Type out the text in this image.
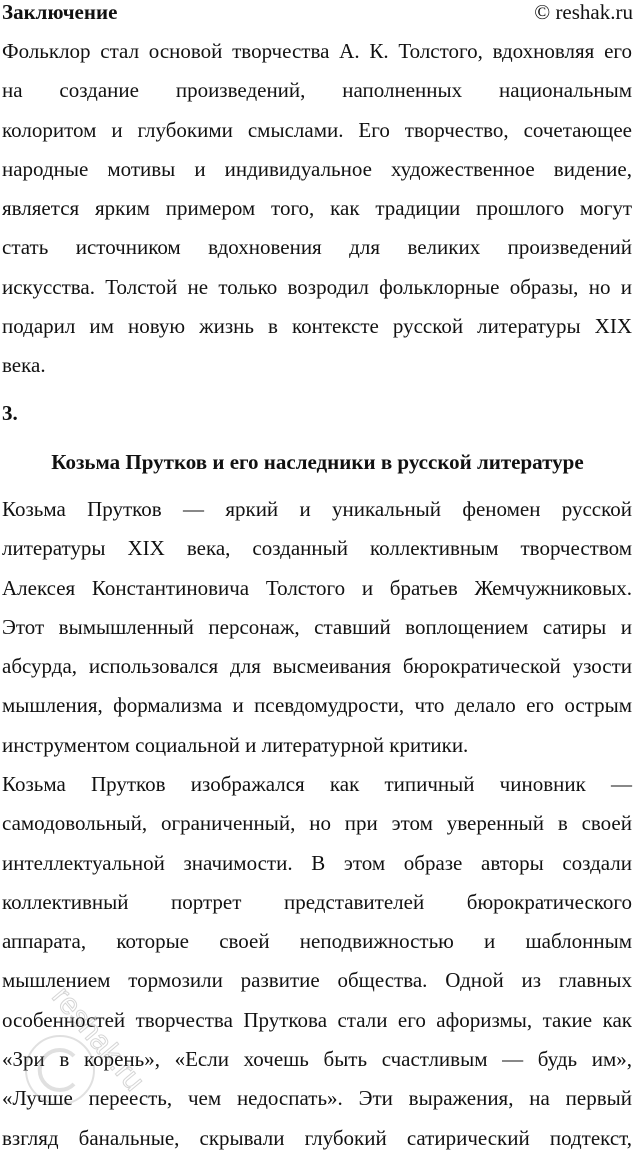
Заключение	© reshak.ru
Фольклор стал основой творчества А. К. Толстого, вдохновляя его
на создание произведений, наполненных национальным
колоритом и глубокими смыслами. Его творчество, сочетающее
народные мотивы и индивидуальное художественное видение,
является ярким примером того, как традиции прошлого могут
стать источником вдохновения для великих произведений
искусства. Толстой не только возродил фольклорные образы, но и
подарил им новую жизнь в контексте русской литературы XIX
века.
3.
Козьма Прутков и его наследники в русской литературе
Козьма Прутков — яркий и уникальный феномен русской
литературы XIX века, созданный коллективным творчеством
Алексея Константиновича Толстого и братьев Жемчужниковых.
Этот вымышленный персонаж, ставший воплощением сатиры и
абсурда, использовался для высмеивания бюрократической узости
мышления, формализма и псевдомудрости, что делало его острым
инструментом социальной и литературной критики.
Козьма Прутков изображался как типичный чиновник —
самодовольный, ограниченный, но при этом уверенный в своей
интеллектуальной значимости. В этом образе авторы создали
коллективный портрет представителей бюрократического
аппарата, которые своей неподвижностью и шаблонным
мышлением тормозили развитие общества. Одной из главных
особенностей творчества Пруткова стали его афоризмы, такие как
«Зри в корень», «Если хочешь быть счастливым — будь им»,
«Лучше переесть, чем недоспать». Эти выражения, на первый
взгляд банальные, скрывали глубокий сатирический подтекст,
reshak.ru
